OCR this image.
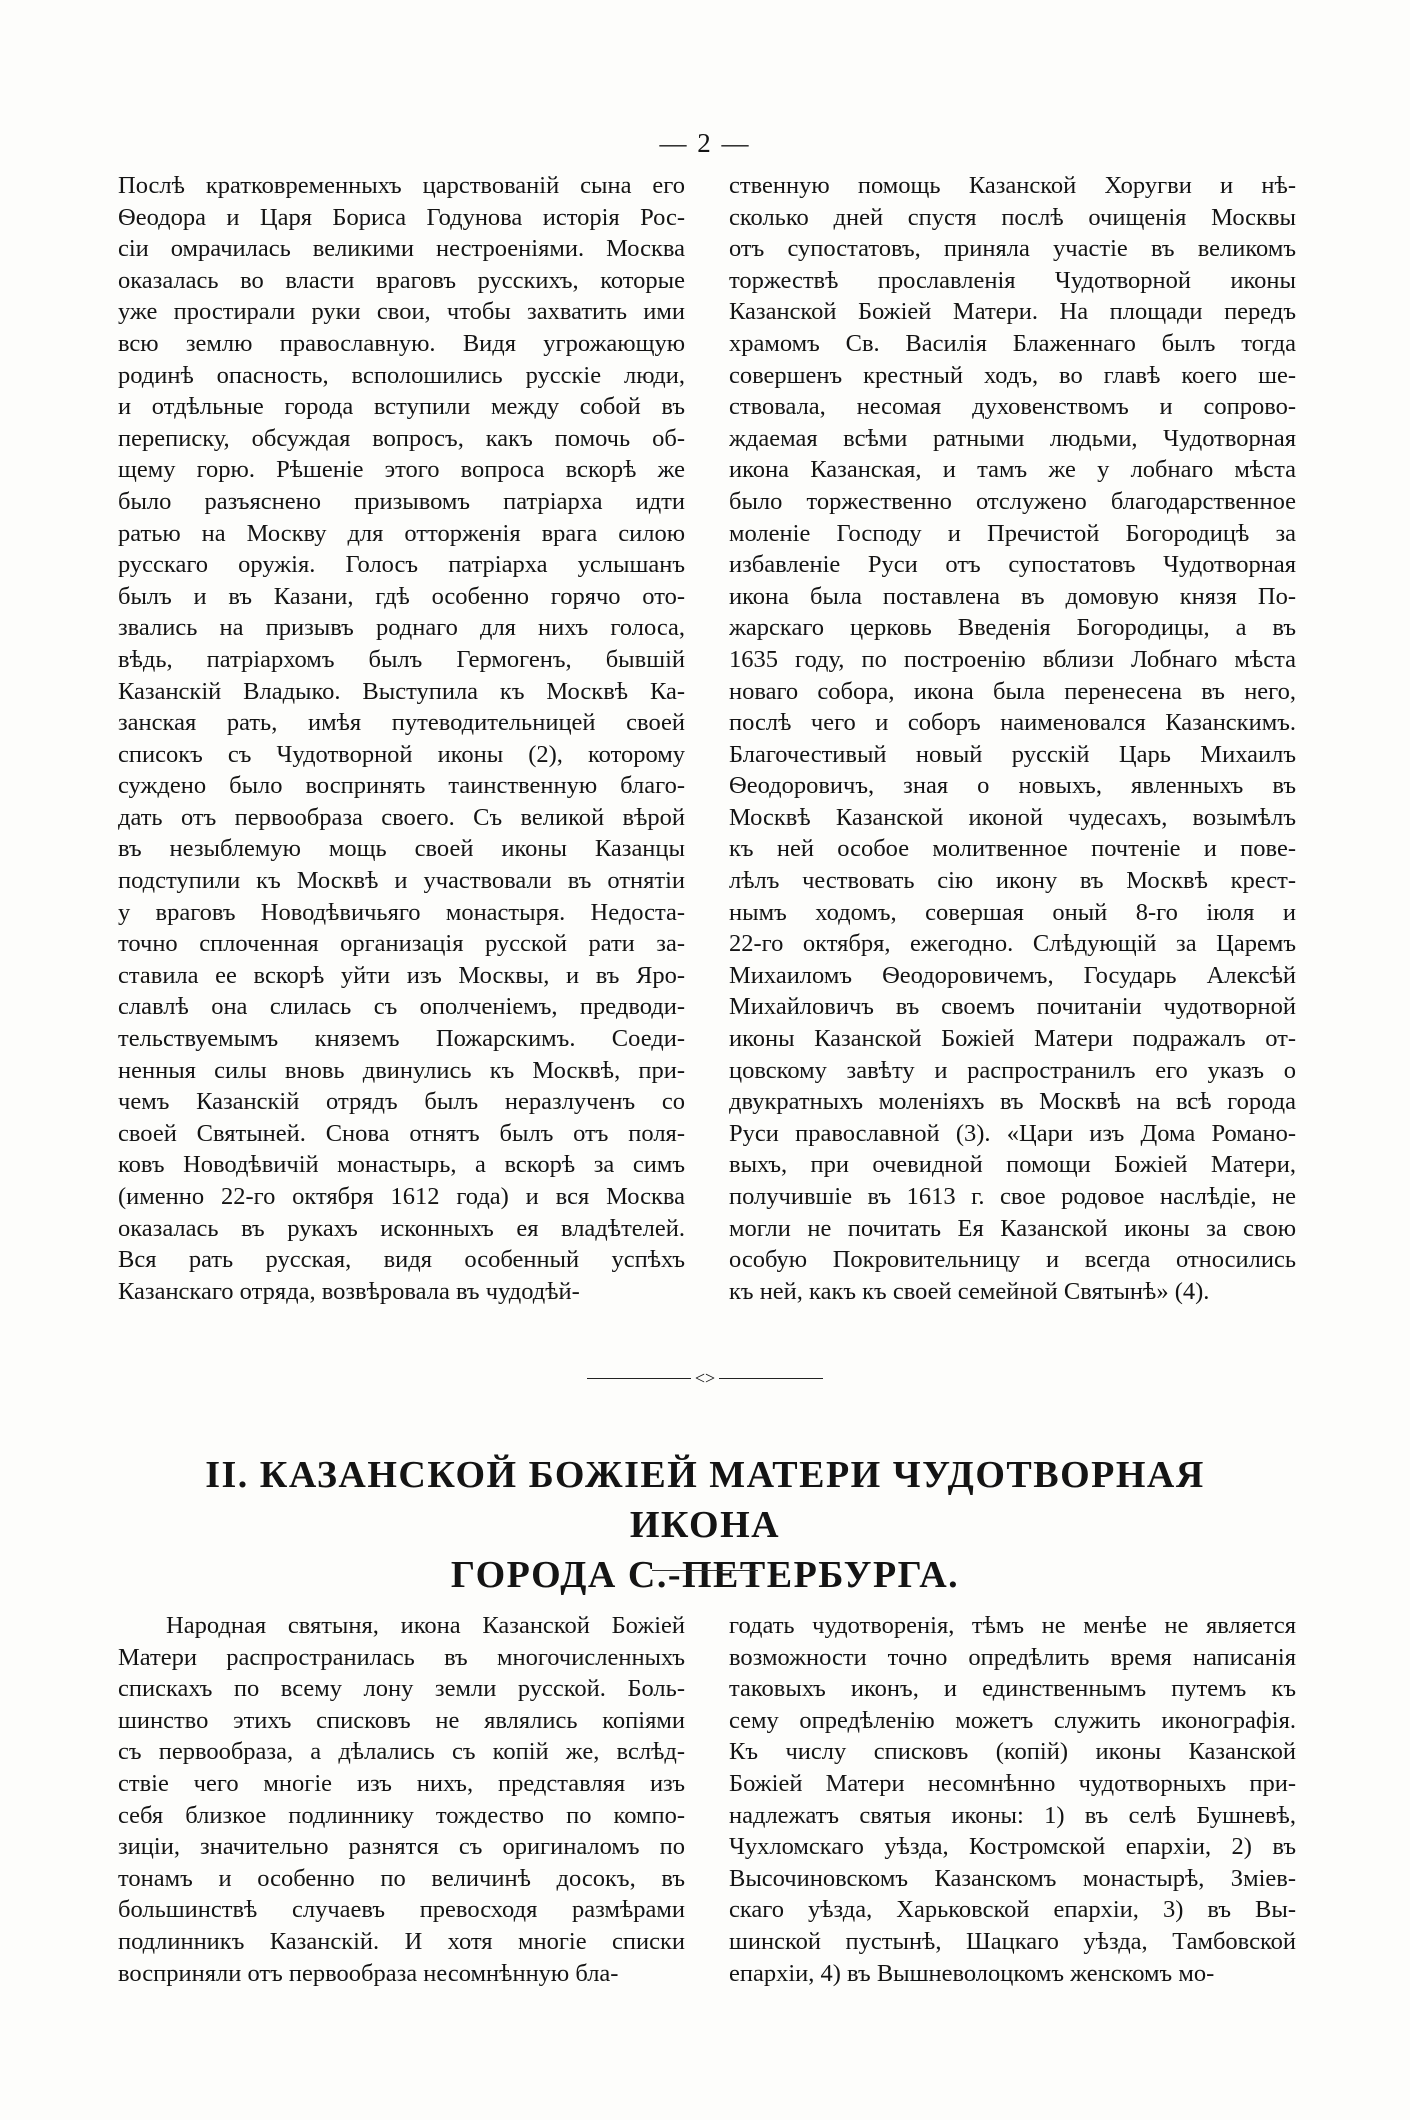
— 2 —
Послѣ кратковременныхъ царствованій сына его
Ѳеодора и Царя Бориса Годунова исторія Рос-
сіи омрачилась великими нестроеніями. Москва
оказалась во власти враговъ русскихъ, которые
уже простирали руки свои, чтобы захватить ими
всю землю православную. Видя угрожающую
родинѣ опасность, всполошились русскіе люди,
и отдѣльные города вступили между собой въ
переписку, обсуждая вопросъ, какъ помочь об-
щему горю. Рѣшеніе этого вопроса вскорѣ же
было разъяснено призывомъ патріарха идти
ратью на Москву для отторженія врага силою
русскаго оружія. Голосъ патріарха услышанъ
былъ и въ Казани, гдѣ особенно горячо ото-
звались на призывъ роднаго для нихъ голоса,
вѣдь, патріархомъ былъ Гермогенъ, бывшій
Казанскій Владыко. Выступила къ Москвѣ Ка-
занская рать, имѣя путеводительницей своей
списокъ съ Чудотворной иконы (2), которому
суждено было воспринять таинственную благо-
дать отъ первообраза своего. Съ великой вѣрой
въ незыблемую мощь своей иконы Казанцы
подступили къ Москвѣ и участвовали въ отнятіи
у враговъ Новодѣвичьяго монастыря. Недоста-
точно сплоченная организація русской рати за-
ставила ее вскорѣ уйти изъ Москвы, и въ Яро-
славлѣ она слилась съ ополченіемъ, предводи-
тельствуемымъ княземъ Пожарскимъ. Соеди-
ненныя силы вновь двинулись къ Москвѣ, при-
чемъ Казанскій отрядъ былъ неразлученъ со
своей Святыней. Снова отнятъ былъ отъ поля-
ковъ Новодѣвичій монастырь, а вскорѣ за симъ
(именно 22-го октября 1612 года) и вся Москва
оказалась въ рукахъ исконныхъ ея владѣтелей.
Вся рать русская, видя особенный успѣхъ
Казанскаго отряда, возвѣровала въ чудодѣй-
ственную помощь Казанской Хоругви и нѣ-
сколько дней спустя послѣ очищенія Москвы
отъ супостатовъ, приняла участіе въ великомъ
торжествѣ прославленія Чудотворной иконы
Казанской Божіей Матери. На площади передъ
храмомъ Св. Василія Блаженнаго былъ тогда
совершенъ крестный ходъ, во главѣ коего ше-
ствовала, несомая духовенствомъ и сопрово-
ждаемая всѣми ратными людьми, Чудотворная
икона Казанская, и тамъ же у лобнаго мѣста
было торжественно отслужено благодарственное
моленіе Господу и Пречистой Богородицѣ за
избавленіе Руси отъ супостатовъ Чудотворная
икона была поставлена въ домовую князя По-
жарскаго церковь Введенія Богородицы, а въ
1635 году, по построенію вблизи Лобнаго мѣста
новаго собора, икона была перенесена въ него,
послѣ чего и соборъ наименовался Казанскимъ.
Благочестивый новый русскій Царь Михаилъ
Ѳеодоровичъ, зная о новыхъ, явленныхъ въ
Москвѣ Казанской иконой чудесахъ, возымѣлъ
къ ней особое молитвенное почтеніе и пове-
лѣлъ чествовать сію икону въ Москвѣ крест-
нымъ ходомъ, совершая оный 8-го іюля и
22-го октября, ежегодно. Слѣдующій за Царемъ
Михаиломъ Ѳеодоровичемъ, Государь Алексѣй
Михайловичъ въ своемъ почитаніи чудотворной
иконы Казанской Божіей Матери подражалъ от-
цовскому завѣту и распространилъ его указъ о
двукратныхъ моленіяхъ въ Москвѣ на всѣ города
Руси православной (3). «Цари изъ Дома Романо-
выхъ, при очевидной помощи Божіей Матери,
получившіе въ 1613 г. свое родовое наслѣдіе, не
могли не почитать Ея Казанской иконы за свою
особую Покровительницу и всегда относились
къ ней, какъ къ своей семейной Святынѣ» (4).
<>
II. КАЗАНСКОЙ БОЖІЕЙ МАТЕРИ ЧУДОТВОРНАЯ ИКОНА
ГОРОДА С.-ПЕТЕРБУРГА.
Народная святыня, икона Казанской Божіей
Матери распространилась въ многочисленныхъ
спискахъ по всему лону земли русской. Боль-
шинство этихъ списковъ не являлись копіями
съ первообраза, а дѣлались съ копій же, вслѣд-
ствіе чего многіе изъ нихъ, представляя изъ
себя близкое подлиннику тождество по компо-
зиціи, значительно разнятся съ оригиналомъ по
тонамъ и особенно по величинѣ досокъ, въ
большинствѣ случаевъ превосходя размѣрами
подлинникъ Казанскій. И хотя многіе списки
восприняли отъ первообраза несомнѣнную бла-
годать чудотворенія, тѣмъ не менѣе не является
возможности точно опредѣлить время написанія
таковыхъ иконъ, и единственнымъ путемъ къ
сему опредѣленію можетъ служить иконографія.
Къ числу списковъ (копій) иконы Казанской
Божіей Матери несомнѣнно чудотворныхъ при-
надлежатъ святыя иконы: 1) въ селѣ Бушневѣ,
Чухломскаго уѣзда, Костромской епархіи, 2) въ
Высочиновскомъ Казанскомъ монастырѣ, Зміев-
скаго уѣзда, Харьковской епархіи, 3) въ Вы-
шинской пустынѣ, Шацкаго уѣзда, Тамбовской
епархіи, 4) въ Вышневолоцкомъ женскомъ мо-
